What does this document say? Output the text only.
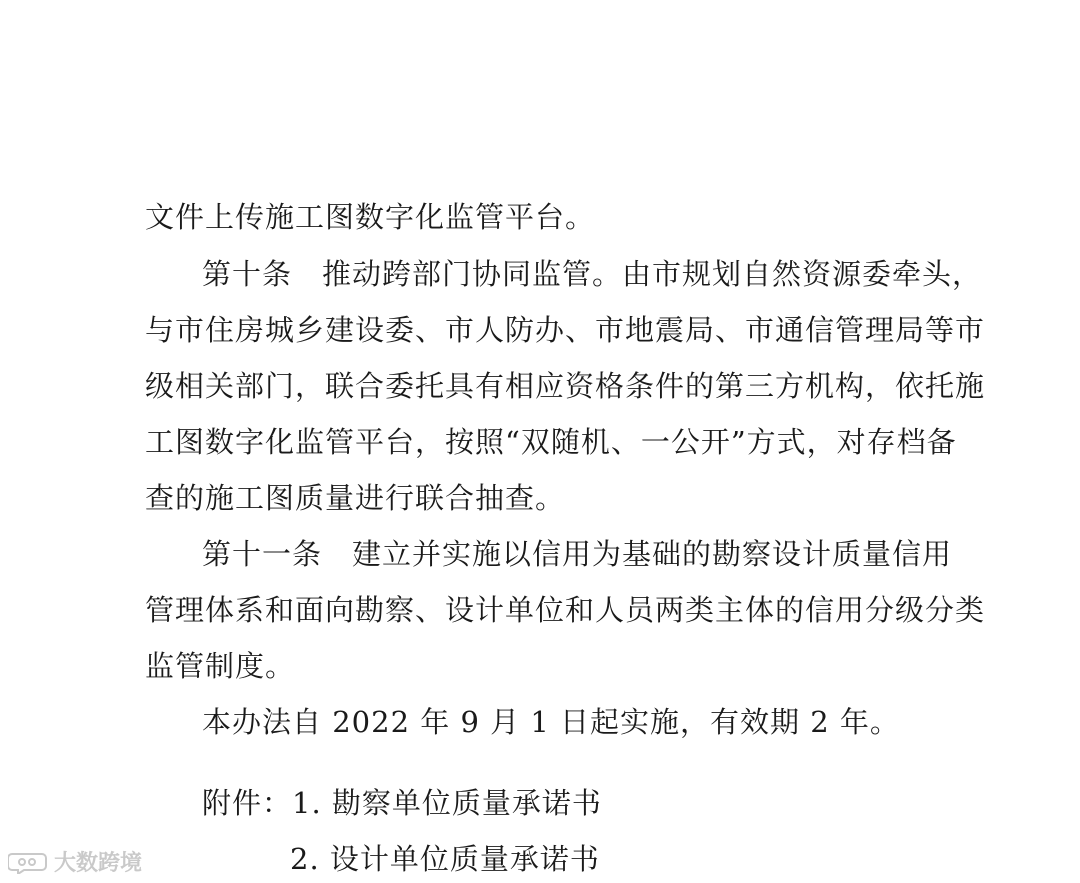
文件上传施工图数字化监管平台。
第十条　推动跨部门协同监管。由市规划自然资源委牵头，
与市住房城乡建设委、市人防办、市地震局、市通信管理局等市
级相关部门，联合委托具有相应资格条件的第三方机构，依托施
工图数字化监管平台，按照“双随机、一公开”方式，对存档备
查的施工图质量进行联合抽查。
第十一条　建立并实施以信用为基础的勘察设计质量信用
管理体系和面向勘察、设计单位和人员两类主体的信用分级分类
监管制度。
本办法自 2022 年 9 月 1 日起实施，有效期 2 年。
附件：1. 勘察单位质量承诺书
2. 设计单位质量承诺书
大数跨境
